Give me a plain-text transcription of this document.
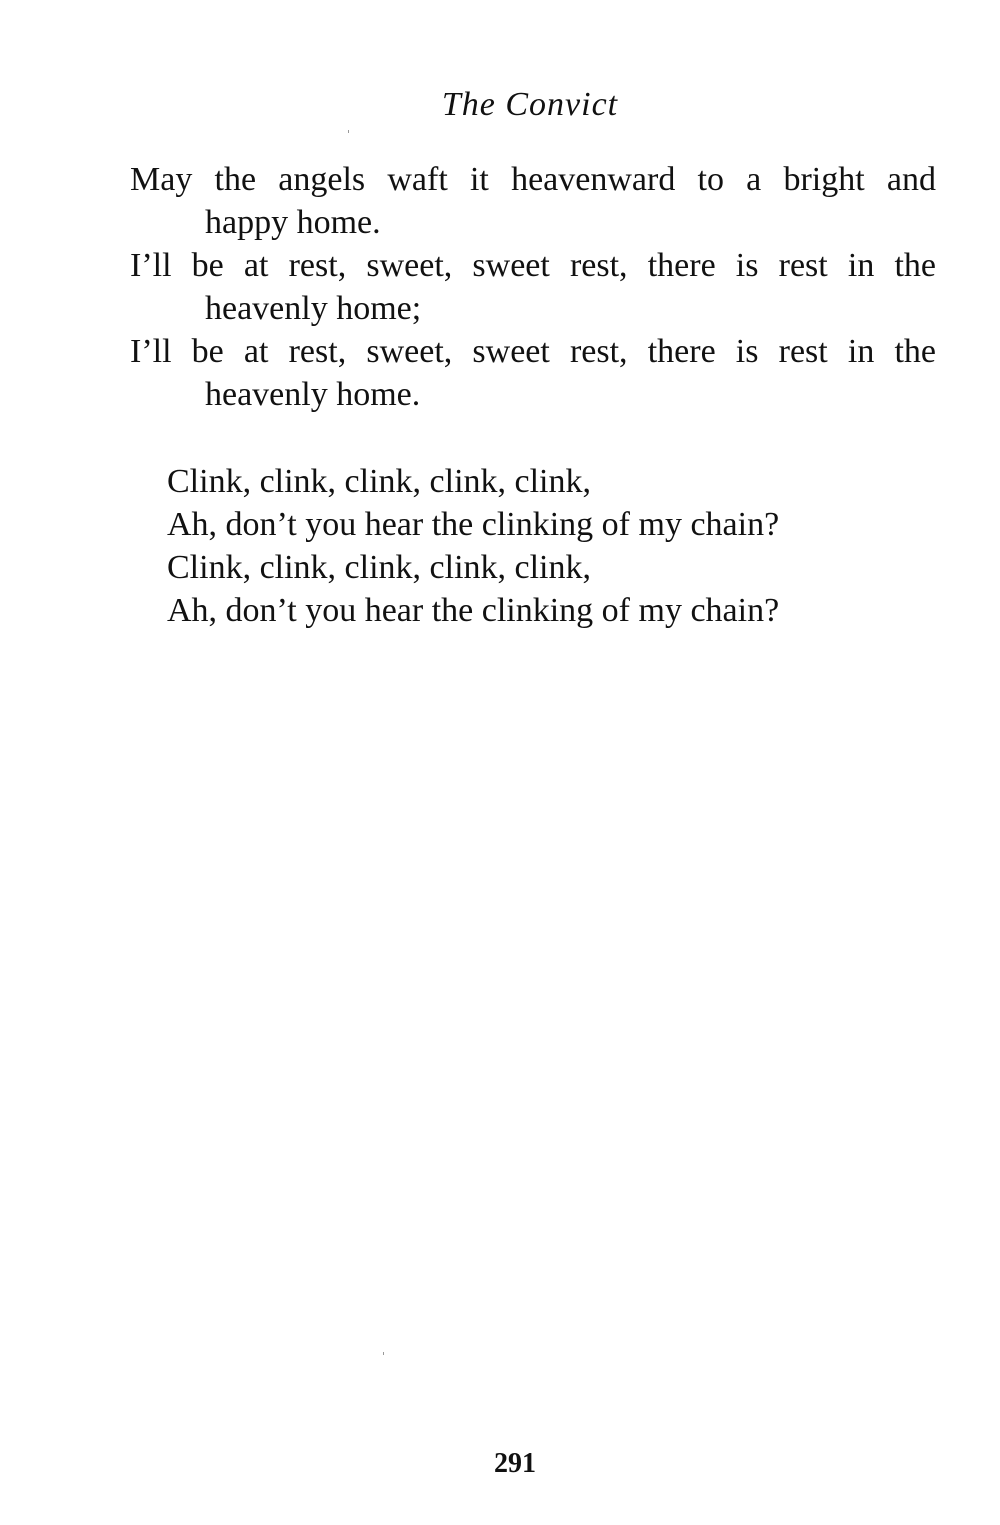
The Convict
May the angels waft it heavenward to a bright and
happy home.
I’ll be at rest, sweet, sweet rest, there is rest in the
heavenly home;
I’ll be at rest, sweet, sweet rest, there is rest in the
heavenly home.
Clink, clink, clink, clink, clink,
Ah, don’t you hear the clinking of my chain?
Clink, clink, clink, clink, clink,
Ah, don’t you hear the clinking of my chain?
291
